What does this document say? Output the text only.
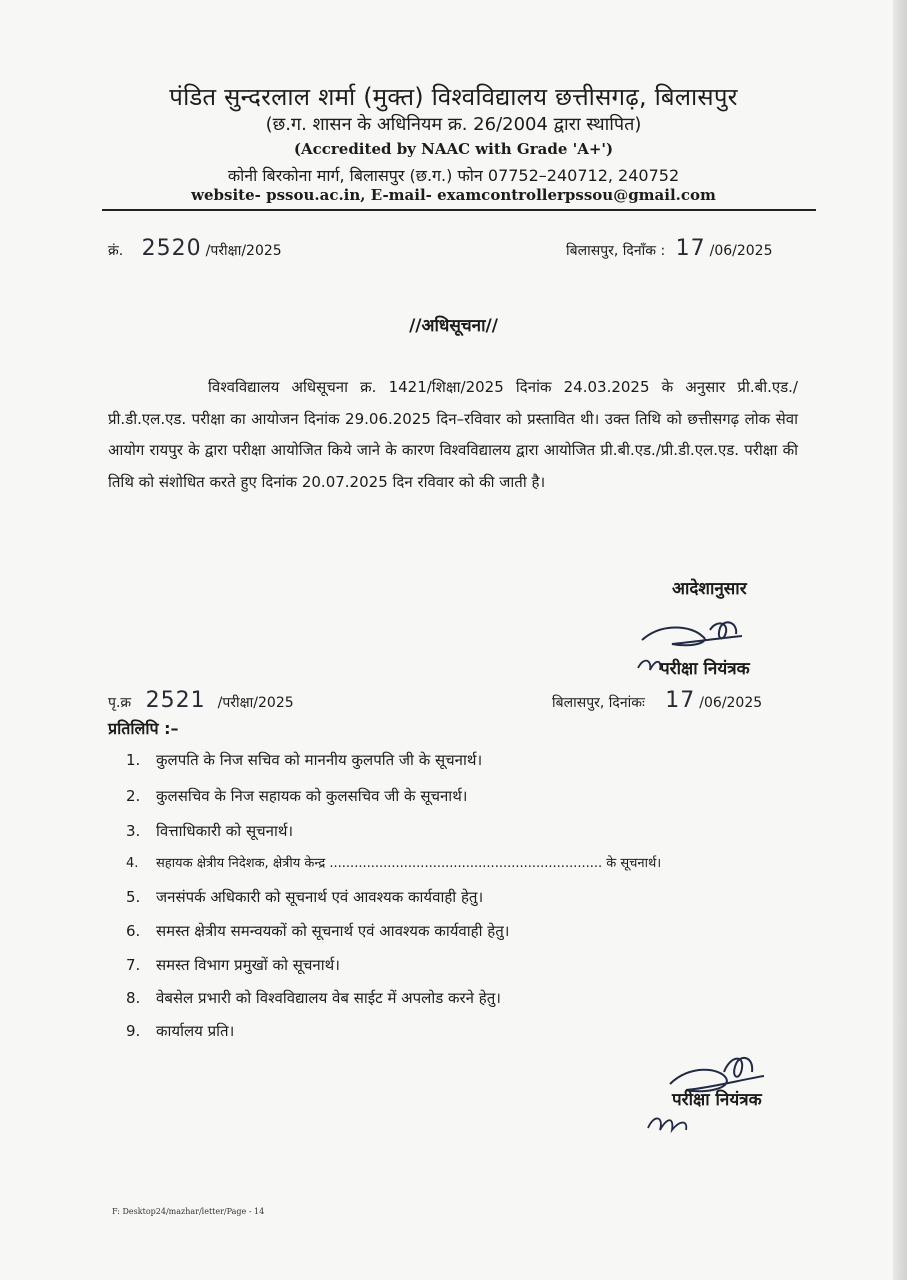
पंडित सुन्दरलाल शर्मा (मुक्त) विश्वविद्यालय छत्तीसगढ़, बिलासपुर
(छ.ग. शासन के अधिनियम क्र. 26/2004 द्वारा स्थापित)
(Accredited by NAAC with Grade 'A+')
कोनी बिरकोना मार्ग, बिलासपुर (छ.ग.) फोन 07752–240712, 240752
website- pssou.ac.in, E-mail- examcontrollerpssou@gmail.com
क्रं. 2520 /परीक्षा/2025	बिलासपुर, दिनाँक : 17 /06/2025
//अधिसूचना//
विश्वविद्यालय अधिसूचना क्र. 1421/शिक्षा/2025 दिनांक 24.03.2025 के अनुसार प्री.बी.एड./प्री.डी.एल.एड. परीक्षा का आयोजन दिनांक 29.06.2025 दिन–रविवार को प्रस्तावित थी। उक्त तिथि को छत्तीसगढ़ लोक सेवा आयोग रायपुर के द्वारा परीक्षा आयोजित किये जाने के कारण विश्वविद्यालय द्वारा आयोजित प्री.बी.एड./प्री.डी.एल.एड. परीक्षा की तिथि को संशोधित करते हुए दिनांक 20.07.2025 दिन रविवार को की जाती है।
आदेशानुसार
परीक्षा नियंत्रक
पृ.क्र 2521 /परीक्षा/2025	बिलासपुर, दिनांकः 17 /06/2025
प्रतिलिपि :–
1. कुलपति के निज सचिव को माननीय कुलपति जी के सूचनार्थ।
2. कुलसचिव के निज सहायक को कुलसचिव जी के सूचनार्थ।
3. वित्ताधिकारी को सूचनार्थ।
4. सहायक क्षेत्रीय निदेशक, क्षेत्रीय केन्द्र .................................................................. के सूचनार्थ।
5. जनसंपर्क अधिकारी को सूचनार्थ एवं आवश्यक कार्यवाही हेतु।
6. समस्त क्षेत्रीय समन्वयकों को सूचनार्थ एवं आवश्यक कार्यवाही हेतु।
7. समस्त विभाग प्रमुखों को सूचनार्थ।
8. वेबसेल प्रभारी को विश्वविद्यालय वेब साईट में अपलोड करने हेतु।
9. कार्यालय प्रति।
परीक्षा नियंत्रक
F: Desktop24/mazhar/letter/Page - 14
